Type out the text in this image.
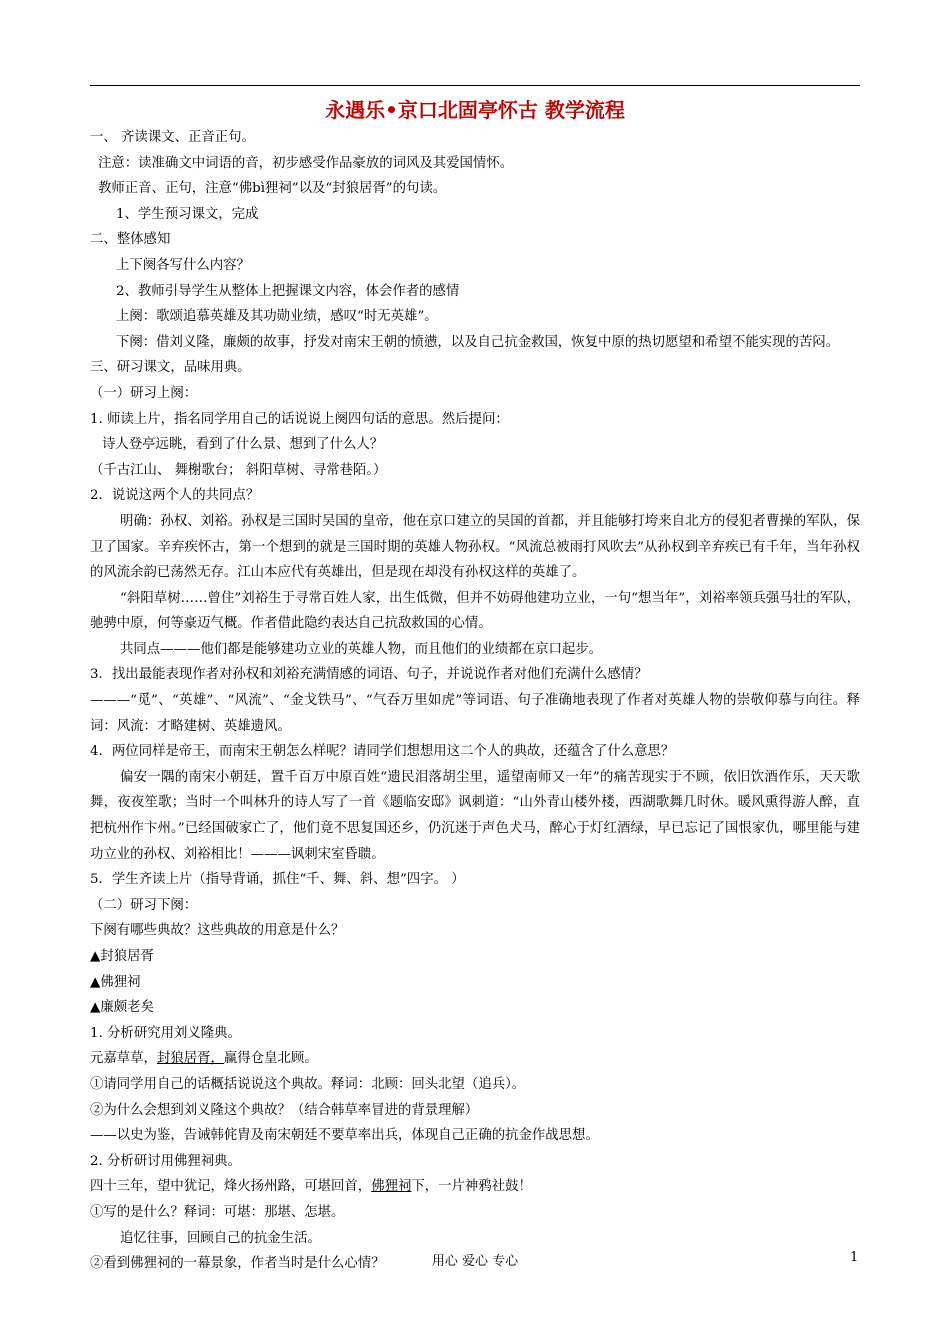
永遇乐•京口北固亭怀古 教学流程

一、 齐读课文、正音正句。

注意：读准确文中词语的音，初步感受作品豪放的词风及其爱国情怀。

教师正音、正句，注意“佛bì狸祠”以及“封狼居胥”的句读。

1、学生预习课文，完成

二、整体感知

上下阕各写什么内容？

2、教师引导学生从整体上把握课文内容，体会作者的感情

上阕：歌颂追慕英雄及其功勋业绩，感叹“时无英雄”。

下阕：借刘义隆，廉颇的故事，抒发对南宋王朝的愤懑，以及自己抗金救国，恢复中原的热切愿望和希望不能实现的苦闷。

三、研习课文，品味用典。

（一）研习上阕：

1. 师读上片，指名同学用自己的话说说上阕四句话的意思。然后提问：

诗人登亭远眺，看到了什么景、想到了什么人？

（千古江山、 舞榭歌台； 斜阳草树、寻常巷陌。）

2．说说这两个人的共同点？

明确：孙权、刘裕。孙权是三国时吴国的皇帝，他在京口建立的吴国的首都，并且能够打垮来自北方的侵犯者曹操的军队，保卫了国家。辛弃疾怀古，第一个想到的就是三国时期的英雄人物孙权。“风流总被雨打风吹去”从孙权到辛弃疾已有千年，当年孙权的风流余韵已荡然无存。江山本应代有英雄出，但是现在却没有孙权这样的英雄了。

“斜阳草树……曾住”刘裕生于寻常百姓人家，出生低微，但并不妨碍他建功立业，一句“想当年”，刘裕率领兵强马壮的军队，驰骋中原，何等豪迈气概。作者借此隐约表达自己抗敌救国的心情。

共同点———他们都是能够建功立业的英雄人物，而且他们的业绩都在京口起步。

3．找出最能表现作者对孙权和刘裕充满情感的词语、句子，并说说作者对他们充满什么感情？

———“觅”、“英雄”、“风流”、“金戈铁马”、“气吞万里如虎”等词语、句子准确地表现了作者对英雄人物的崇敬仰慕与向往。释词：风流：才略建树、英雄遗风。

4．两位同样是帝王，而南宋王朝怎么样呢？请同学们想想用这二个人的典故，还蕴含了什么意思？

偏安一隅的南宋小朝廷，置千百万中原百姓“遗民泪落胡尘里，遥望南师又一年”的痛苦现实于不顾，依旧饮酒作乐，天天歌舞，夜夜笙歌；当时一个叫林升的诗人写了一首《题临安邸》讽刺道：“山外青山楼外楼，西湖歌舞几时休。暖风熏得游人醉，直把杭州作卞州。”已经国破家亡了，他们竟不思复国还乡，仍沉迷于声色犬马，醉心于灯红酒绿，早已忘记了国恨家仇，哪里能与建功立业的孙权、刘裕相比！———讽刺宋室昏聩。

5．学生齐读上片（指导背诵，抓住“千、舞、斜、想”四字。 ）

（二）研习下阕：

下阕有哪些典故？这些典故的用意是什么？

▲封狼居胥

▲佛狸祠

▲廉颇老矣

1. 分析研究用刘义隆典。

元嘉草草，封狼居胥，赢得仓皇北顾。

①请同学用自己的话概括说说这个典故。释词：北顾：回头北望（追兵）。

②为什么会想到刘义隆这个典故？（结合韩草率冒进的背景理解）

——以史为鉴，告诫韩侂胄及南宋朝廷不要草率出兵，体现自己正确的抗金作战思想。

2. 分析研讨用佛狸祠典。

四十三年，望中犹记，烽火扬州路，可堪回首，佛狸祠下，一片神鸦社鼓！

①写的是什么？释词：可堪：那堪、怎堪。

追忆往事，回顾自己的抗金生活。

②看到佛狸祠的一幕景象，作者当时是什么心情？	用心 爱心 专心	1
